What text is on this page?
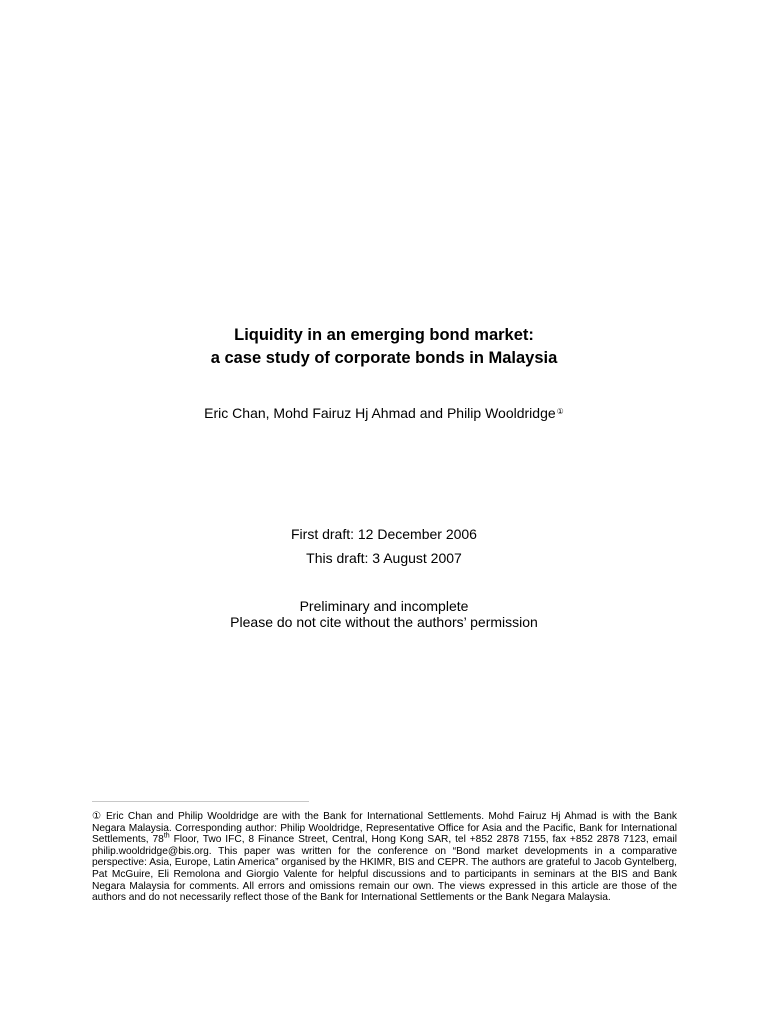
Liquidity in an emerging bond market:
a case study of corporate bonds in Malaysia
Eric Chan, Mohd Fairuz Hj Ahmad and Philip Wooldridge①
First draft: 12 December 2006
This draft: 3 August 2007
Preliminary and incomplete
Please do not cite without the authors’ permission
① Eric Chan and Philip Wooldridge are with the Bank for International Settlements. Mohd Fairuz Hj Ahmad is with the Bank Negara Malaysia. Corresponding author: Philip Wooldridge, Representative Office for Asia and the Pacific, Bank for International Settlements, 78th Floor, Two IFC, 8 Finance Street, Central, Hong Kong SAR, tel +852 2878 7155, fax +852 2878 7123, email philip.wooldridge@bis.org. This paper was written for the conference on “Bond market developments in a comparative perspective: Asia, Europe, Latin America” organised by the HKIMR, BIS and CEPR. The authors are grateful to Jacob Gyntelberg, Pat McGuire, Eli Remolona and Giorgio Valente for helpful discussions and to participants in seminars at the BIS and Bank Negara Malaysia for comments. All errors and omissions remain our own. The views expressed in this article are those of the authors and do not necessarily reflect those of the Bank for International Settlements or the Bank Negara Malaysia.
